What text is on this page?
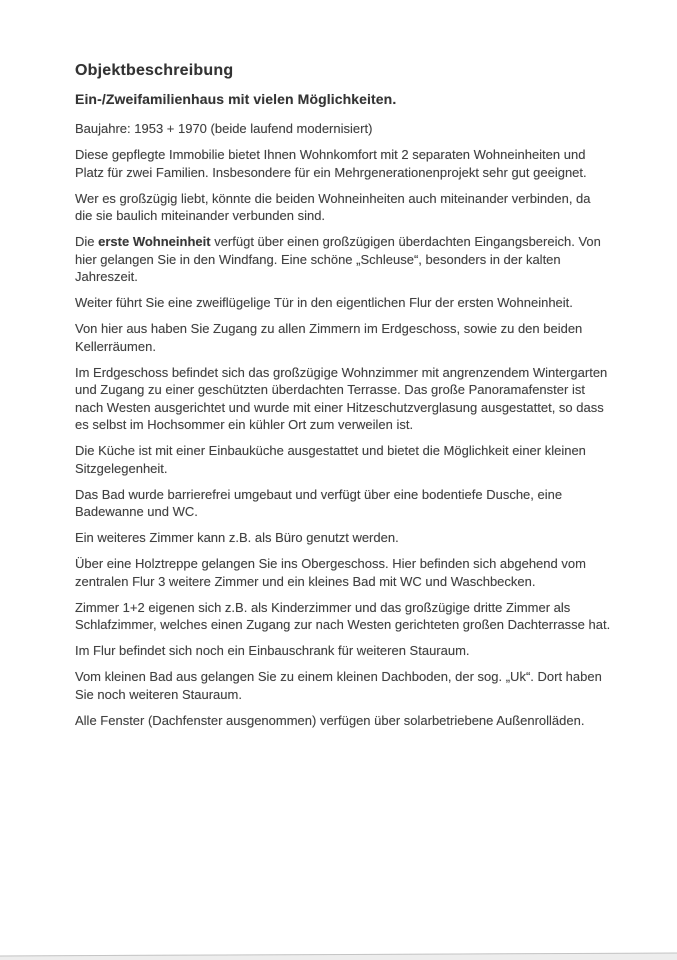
Objektbeschreibung

Ein-/Zweifamilienhaus mit vielen Möglichkeiten.

Baujahre: 1953 + 1970 (beide laufend modernisiert)

Diese gepflegte Immobilie bietet Ihnen Wohnkomfort mit 2 separaten Wohneinheiten und
Platz für zwei Familien. Insbesondere für ein Mehrgenerationenprojekt sehr gut geeignet.

Wer es großzügig liebt, könnte die beiden Wohneinheiten auch miteinander verbinden, da
die sie baulich miteinander verbunden sind.

Die erste Wohneinheit verfügt über einen großzügigen überdachten Eingangsbereich. Von
hier gelangen Sie in den Windfang. Eine schöne „Schleuse“, besonders in der kalten
Jahreszeit.

Weiter führt Sie eine zweiflügelige Tür in den eigentlichen Flur der ersten Wohneinheit.

Von hier aus haben Sie Zugang zu allen Zimmern im Erdgeschoss, sowie zu den beiden
Kellerräumen.

Im Erdgeschoss befindet sich das großzügige Wohnzimmer mit angrenzendem Wintergarten
und Zugang zu einer geschützten überdachten Terrasse. Das große Panoramafenster ist
nach Westen ausgerichtet und wurde mit einer Hitzeschutzverglasung ausgestattet, so dass
es selbst im Hochsommer ein kühler Ort zum verweilen ist.

Die Küche ist mit einer Einbauküche ausgestattet und bietet die Möglichkeit einer kleinen
Sitzgelegenheit.

Das Bad wurde barrierefrei umgebaut und verfügt über eine bodentiefe Dusche, eine
Badewanne und WC.

Ein weiteres Zimmer kann z.B. als Büro genutzt werden.

Über eine Holztreppe gelangen Sie ins Obergeschoss. Hier befinden sich abgehend vom
zentralen Flur 3 weitere Zimmer und ein kleines Bad mit WC und Waschbecken.

Zimmer 1+2 eigenen sich z.B. als Kinderzimmer und das großzügige dritte Zimmer als
Schlafzimmer, welches einen Zugang zur nach Westen gerichteten großen Dachterrasse hat.

Im Flur befindet sich noch ein Einbauschrank für weiteren Stauraum.

Vom kleinen Bad aus gelangen Sie zu einem kleinen Dachboden, der sog. „Uk“. Dort haben
Sie noch weiteren Stauraum.

Alle Fenster (Dachfenster ausgenommen) verfügen über solarbetriebene Außenrolläden.
